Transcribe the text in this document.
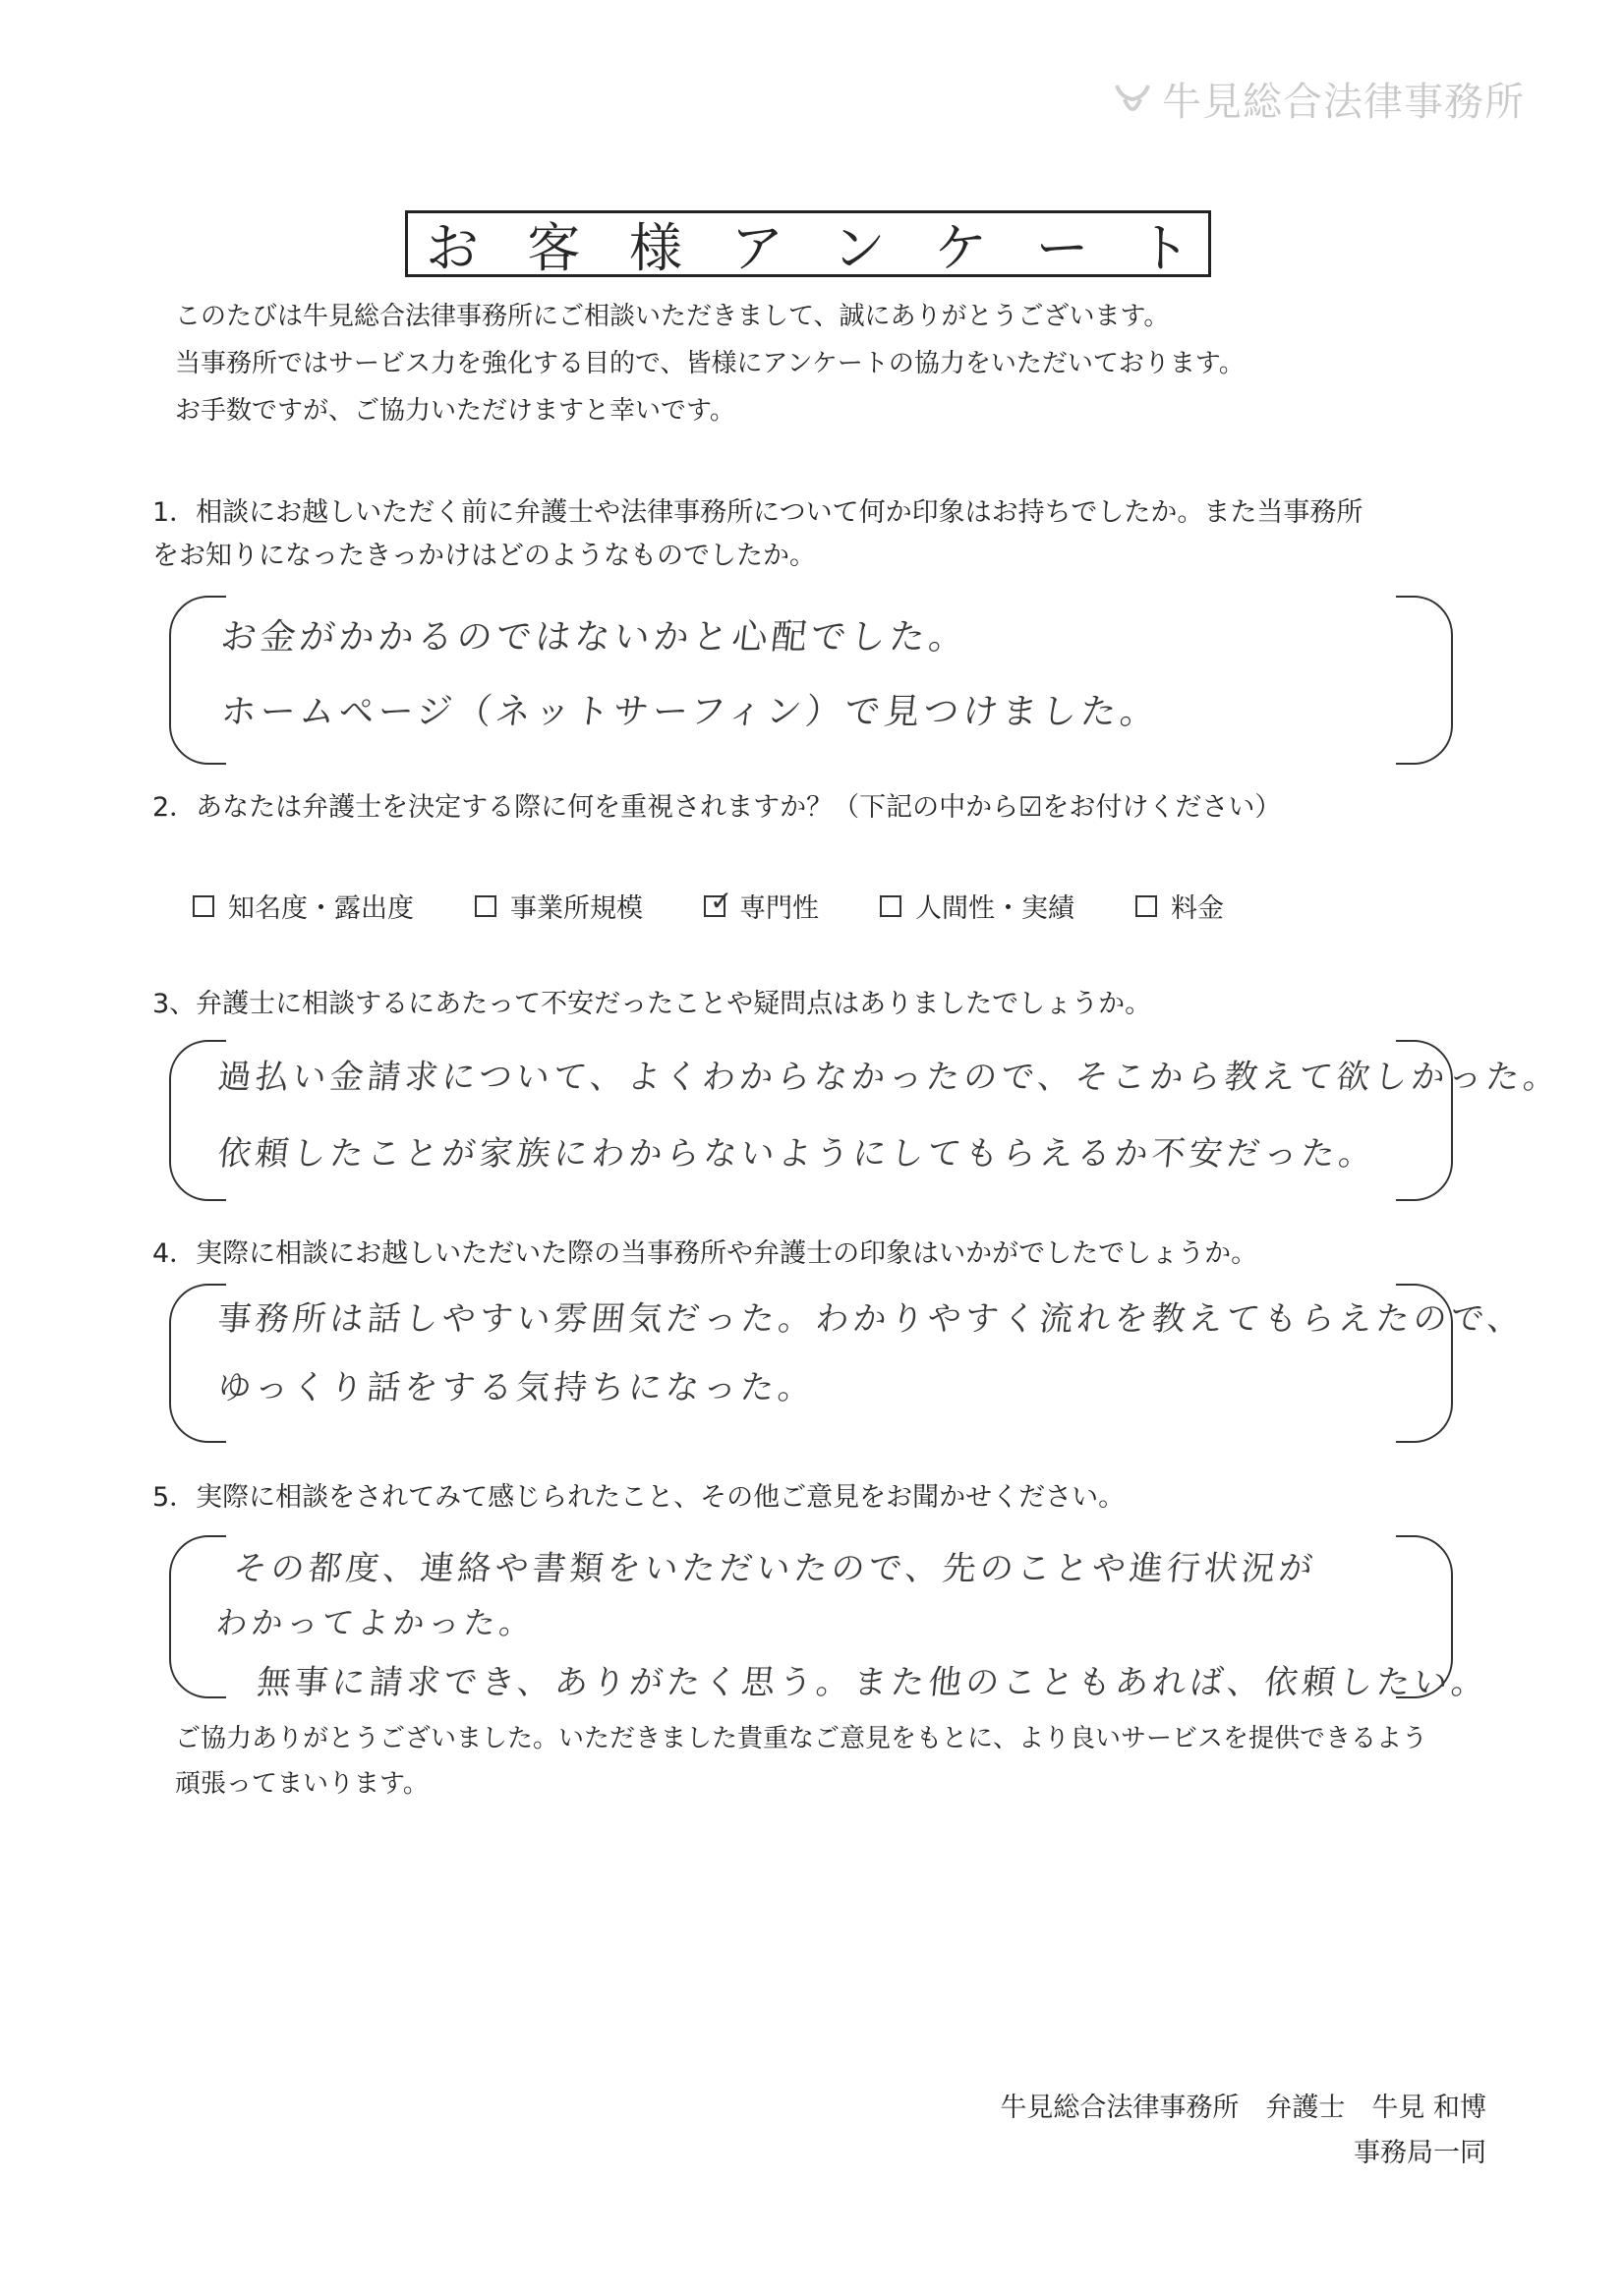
牛見総合法律事務所
お 客 様 ア ン ケ ー ト
このたびは牛見総合法律事務所にご相談いただきまして、誠にありがとうございます。
当事務所ではサービス力を強化する目的で、皆様にアンケートの協力をいただいております。
お手数ですが、ご協力いただけますと幸いです。
1．相談にお越しいただく前に弁護士や法律事務所について何か印象はお持ちでしたか。また当事務所
をお知りになったきっかけはどのようなものでしたか。
お金がかかるのではないかと心配でした。
ホームページ（ネットサーフィン）で見つけました。
2．あなたは弁護士を決定する際に何を重視されますか？（下記の中から☑をお付けください）
知名度・露出度	事業所規模 ✓ 専門性	人間性・実績	料金
3、弁護士に相談するにあたって不安だったことや疑問点はありましたでしょうか。
過払い金請求について、よくわからなかったので、そこから教えて欲しかった。
依頼したことが家族にわからないようにしてもらえるか不安だった。
4．実際に相談にお越しいただいた際の当事務所や弁護士の印象はいかがでしたでしょうか。
事務所は話しやすい雰囲気だった。わかりやすく流れを教えてもらえたので、
ゆっくり話をする気持ちになった。
5．実際に相談をされてみて感じられたこと、その他ご意見をお聞かせください。
その都度、連絡や書類をいただいたので、先のことや進行状況が
わかってよかった。
無事に請求でき、ありがたく思う。また他のこともあれば、依頼したい。
ご協力ありがとうございました。いただきました貴重なご意見をもとに、より良いサービスを提供できるよう
頑張ってまいります。
牛見総合法律事務所　弁護士　牛見 和博
事務局一同
